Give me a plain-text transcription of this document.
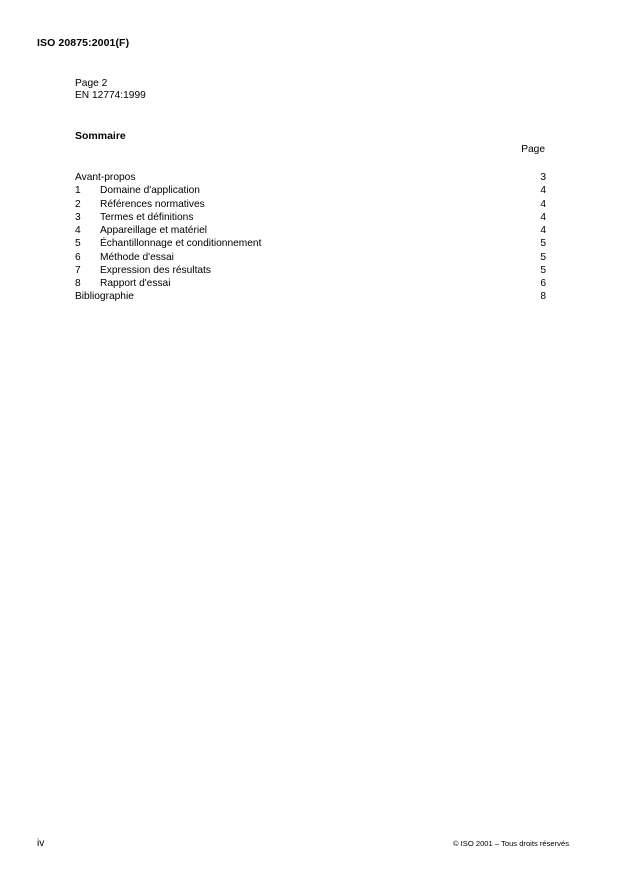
ISO 20875:2001(F)
Page 2
EN 12774:1999
Sommaire
Page
Avant-propos	3
1	Domaine d'application	4
2	Références normatives	4
3	Termes et définitions	4
4	Appareillage et matériel	4
5	Échantillonnage et conditionnement	5
6	Méthode d'essai	5
7	Expression des résultats	5
8	Rapport d'essai	6
Bibliographie	8
iv	© ISO 2001 – Tous droits réservés
